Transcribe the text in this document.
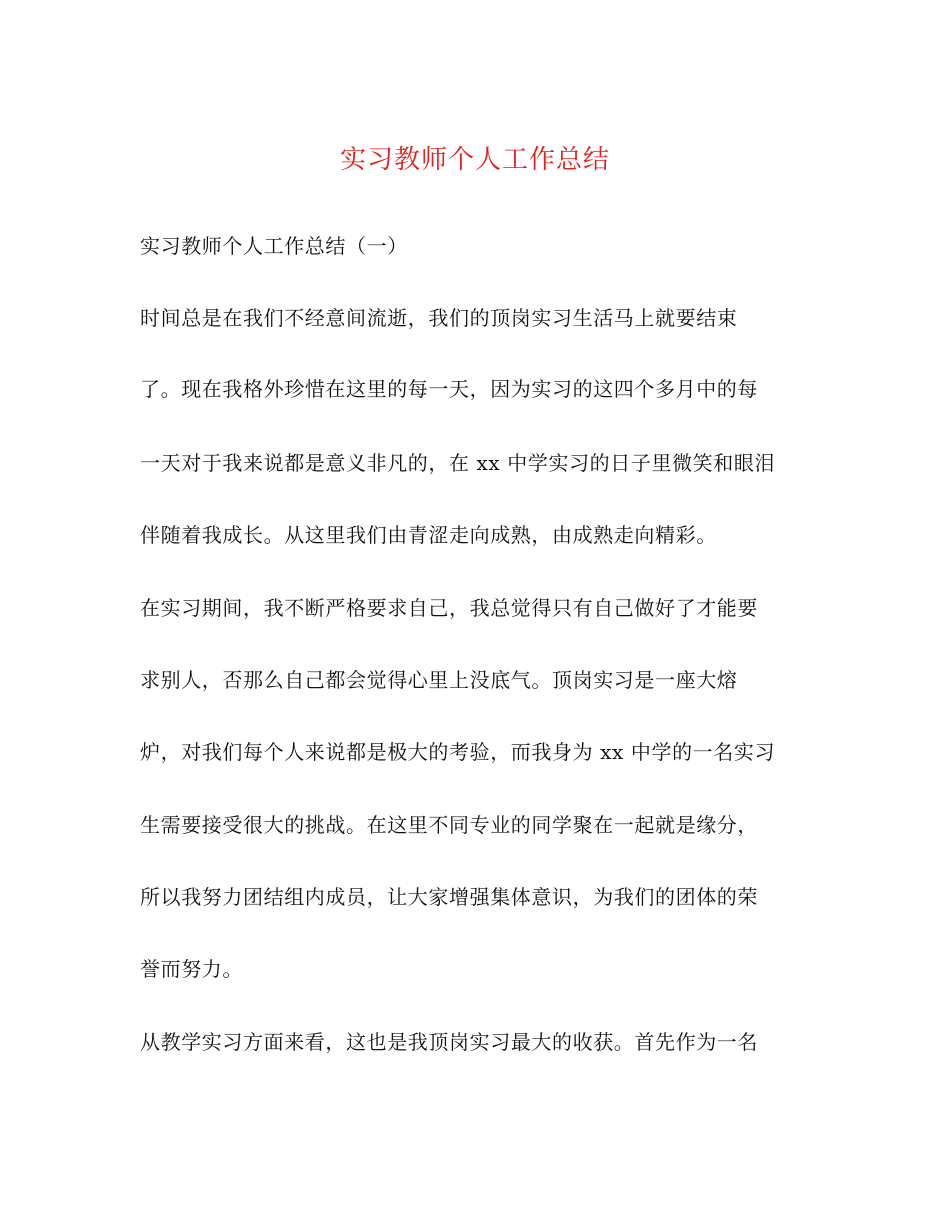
实习教师个人工作总结
实习教师个人工作总结（一）
时间总是在我们不经意间流逝，我们的顶岗实习生活马上就要结束
了。现在我格外珍惜在这里的每一天，因为实习的这四个多月中的每
一天对于我来说都是意义非凡的，在 xx 中学实习的日子里微笑和眼泪
伴随着我成长。从这里我们由青涩走向成熟，由成熟走向精彩。
在实习期间，我不断严格要求自己，我总觉得只有自己做好了才能要
求别人，否那么自己都会觉得心里上没底气。顶岗实习是一座大熔
炉，对我们每个人来说都是极大的考验，而我身为 xx 中学的一名实习
生需要接受很大的挑战。在这里不同专业的同学聚在一起就是缘分，
所以我努力团结组内成员，让大家增强集体意识，为我们的团体的荣
誉而努力。
从教学实习方面来看，这也是我顶岗实习最大的收获。首先作为一名
